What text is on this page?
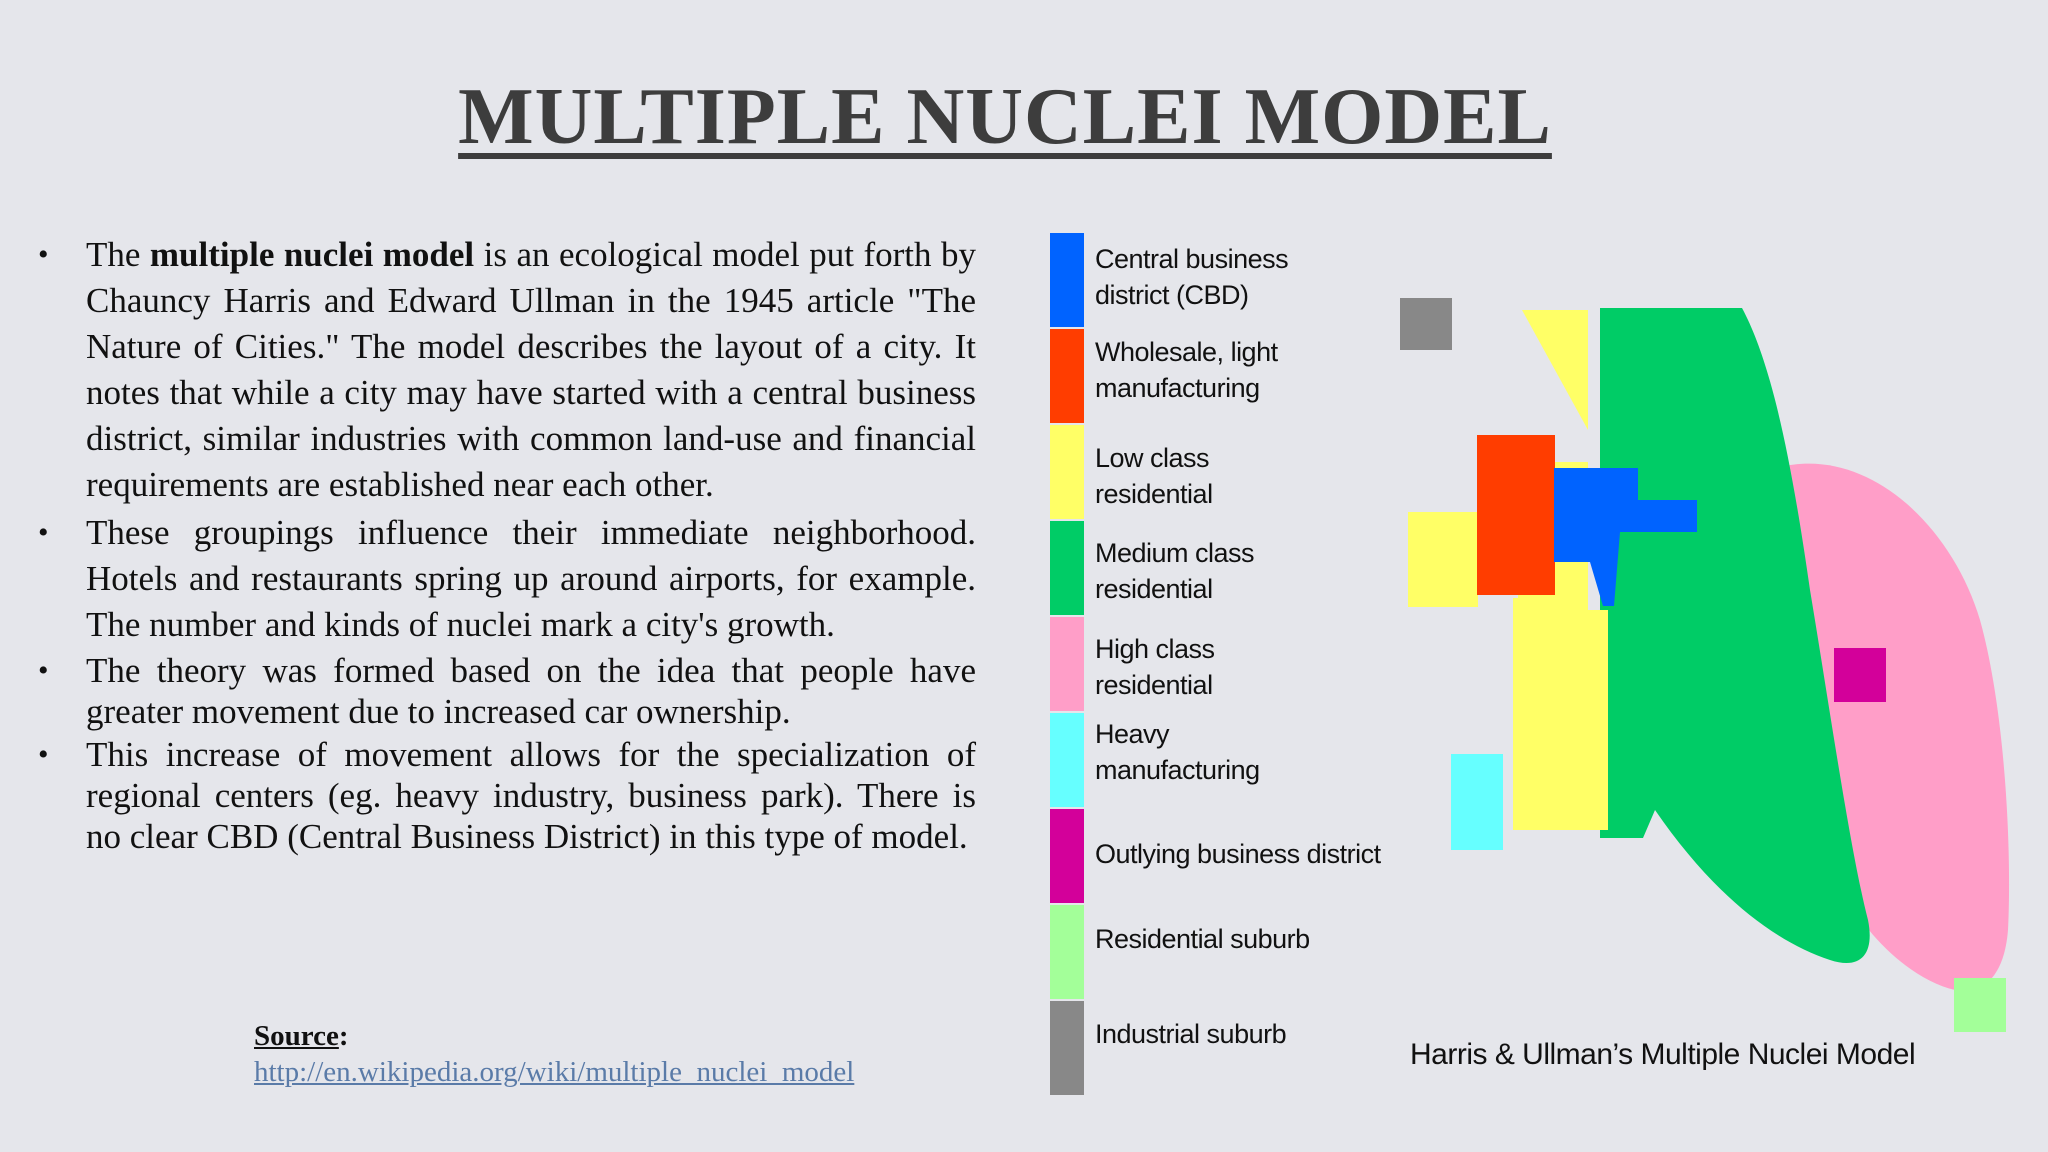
MULTIPLE NUCLEI MODEL
• The multiple nuclei model is an ecological model put forth by Chauncy Harris and Edward Ullman in the 1945 article "The Nature of Cities." The model describes the layout of a city. It notes that while a city may have started with a central business district, similar industries with common land-use and financial requirements are established near each other.

• These groupings influence their immediate neighborhood. Hotels and restaurants spring up around airports, for example. The number and kinds of nuclei mark a city's growth.

• The theory was formed based on the idea that people have greater movement due to increased car ownership.

• This increase of movement allows for the specialization of regional centers (eg. heavy industry, business park). There is no clear CBD (Central Business District) in this type of model.

Source:
http://en.wikipedia.org/wiki/multiple_nuclei_model
Central business
district (CBD)
Wholesale, light
manufacturing
Low class
residential
Medium class
residential
High class
residential
Heavy
manufacturing
Outlying business district
Residential suburb
Industrial suburb
Harris & Ullman’s Multiple Nuclei Model
